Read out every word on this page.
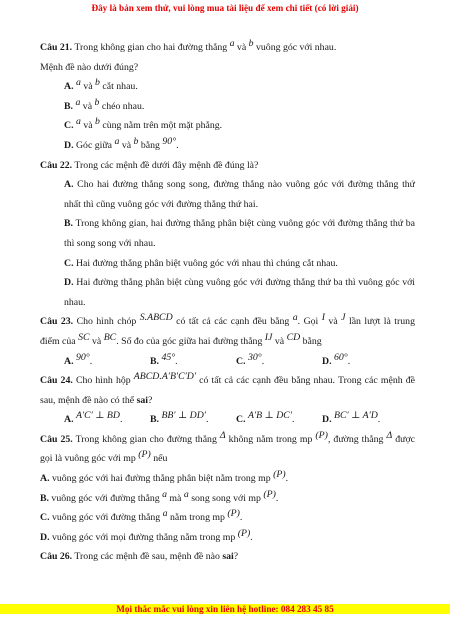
Đây là bản xem thử, vui lòng mua tài liệu để xem chi tiết (có lời giải)

Câu 21. Trong không gian cho hai đường thẳng a và b vuông góc với nhau.

Mệnh đề nào dưới đúng?

A. a và b cắt nhau.

B. a và b chéo nhau.

C. a và b cùng nằm trên một mặt phẳng.

D. Góc giữa a và b bằng 90°.

Câu 22. Trong các mệnh đề dưới đây mệnh đề đúng là?

A. Cho hai đường thẳng song song, đường thẳng nào vuông góc với đường thẳng thứ nhất thì cũng vuông góc với đường thẳng thứ hai.

B. Trong không gian, hai đường thẳng phân biệt cùng vuông góc với đường thẳng thứ ba thì song song với nhau.

C. Hai đường thẳng phân biệt vuông góc với nhau thì chúng cắt nhau.

D. Hai đường thẳng phân biệt cùng vuông góc với đường thẳng thứ ba thì vuông góc với nhau.

Câu 23. Cho hình chóp S.ABCD có tất cả các cạnh đều bằng a. Gọi I và J lần lượt là trung điểm của SC và BC. Số đo của góc giữa hai đường thẳng IJ và CD bằng

A. 90°.	B. 45°.	C. 30°.	D. 60°.

Câu 24. Cho hình hộp ABCD.A′B′C′D′ có tất cả các cạnh đều bằng nhau. Trong các mệnh đề sau, mệnh đề nào có thể sai?

A. A′C′ ⊥ BD.	B. BB′ ⊥ DD′.	C. A′B ⊥ DC′.	D. BC′ ⊥ A′D.

Câu 25. Trong không gian cho đường thẳng Δ không nằm trong mp (P), đường thẳng Δ được gọi là vuông góc với mp (P) nếu

A. vuông góc với hai đường thẳng phân biệt nằm trong mp (P).

B. vuông góc với đường thẳng a mà a song song với mp (P).

C. vuông góc với đường thẳng a nằm trong mp (P).

D. vuông góc với mọi đường thẳng nằm trong mp (P).

Câu 26. Trong các mệnh đề sau, mệnh đề nào sai?

Mọi thắc mắc vui lòng xin liên hệ hotline: 084 283 45 85
